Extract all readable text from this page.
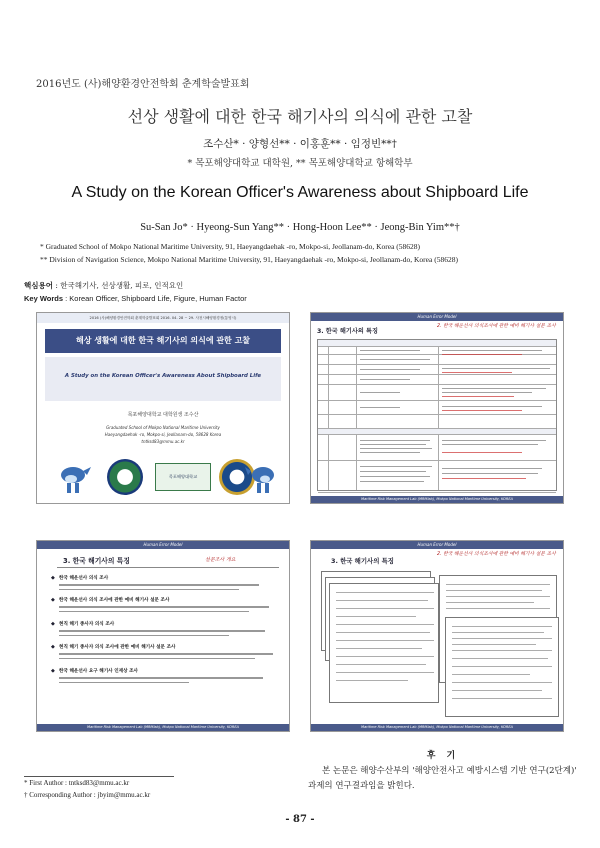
2016년도 (사)해양환경안전학회 춘계학술발표회
선상 생활에 대한 한국 해기사의 의식에 관한 고찰
조수산* · 양형선** · 이홍훈** · 임정빈**†
* 목포해양대학교 대학원, ** 목포해양대학교 항해학부
A Study on the Korean Officer's Awareness about Shipboard Life
Su-San Jo* · Hyeong-Sun Yang** · Hong-Hoon Lee** · Jeong-Bin Yim**†
* Graduated School of Mokpo National Maritime University, 91, Haeyangdaehak -ro, Mokpo-si, Jeollanam-do, Korea (58628)
** Division of Navigation Science, Mokpo National Maritime University, 91, Haeyangdaehak -ro, Mokpo-si, Jeollanam-do, Korea (58628)
핵심용어 : 한국해기사, 선상생활, 피로, 인적요인
Key Words : Korean Officer, Shipboard Life, Figure, Human Factor
2016 (사)해양환경안전학회 춘계학술발표회 2016. 04. 28 ~ 29. 사천시해양환경정(통영시)
해상 생활에 대한 한국 해기사의 의식에 관한 고찰
A Study on the Korean Officer's Awareness About Shipboard Life
목포해양대학교 대학원생 조수산
Graduated School of Mokpo National Maritime University
Haeyangdaehak -ro, Mokpo-si, Jeollanam-do, 58628 Korea
tntksd83@mmu.ac.kr
목포해양대학교
Human Error Model
3. 한국 해기사의 특징
2. 한국 해운선사 의식조사에 관한 예비 해기사 설문 조사
Maritime Risk Management Lab (MRMlab), Mokpo National Maritime University, KOREA
Human Error Model
3. 한국 해기사의 특징	설문조사 개요
◆ 한국 해운선사 의식 조사
◆ 한국 해운선사 의식 조사에 관한 예비 해기사 설문 조사
◆ 현직 해기 종사자 의식 조사
◆ 현직 해기 종사자 의식 조사에 관한 예비 해기사 설문 조사
◆ 한국 해운선사 요구 해기사 인재상 조사
Maritime Risk Management Lab (MRMlab), Mokpo National Maritime University, KOREA
Human Error Model
3. 한국 해기사의 특징
2. 한국 해운선사 의식조사에 관한 예비 해기사 설문 조사
Maritime Risk Management Lab (MRMlab), Mokpo National Maritime University, KOREA
* First Author : tntksd83@mmu.ac.kr
† Corresponding Author : jbyim@mmu.ac.kr
후 기
본 논문은 해양수산부의 '해양안전사고 예방시스템 기반 연구(2단계)' 과제의 연구결과임을 밝힌다.
- 87 -
